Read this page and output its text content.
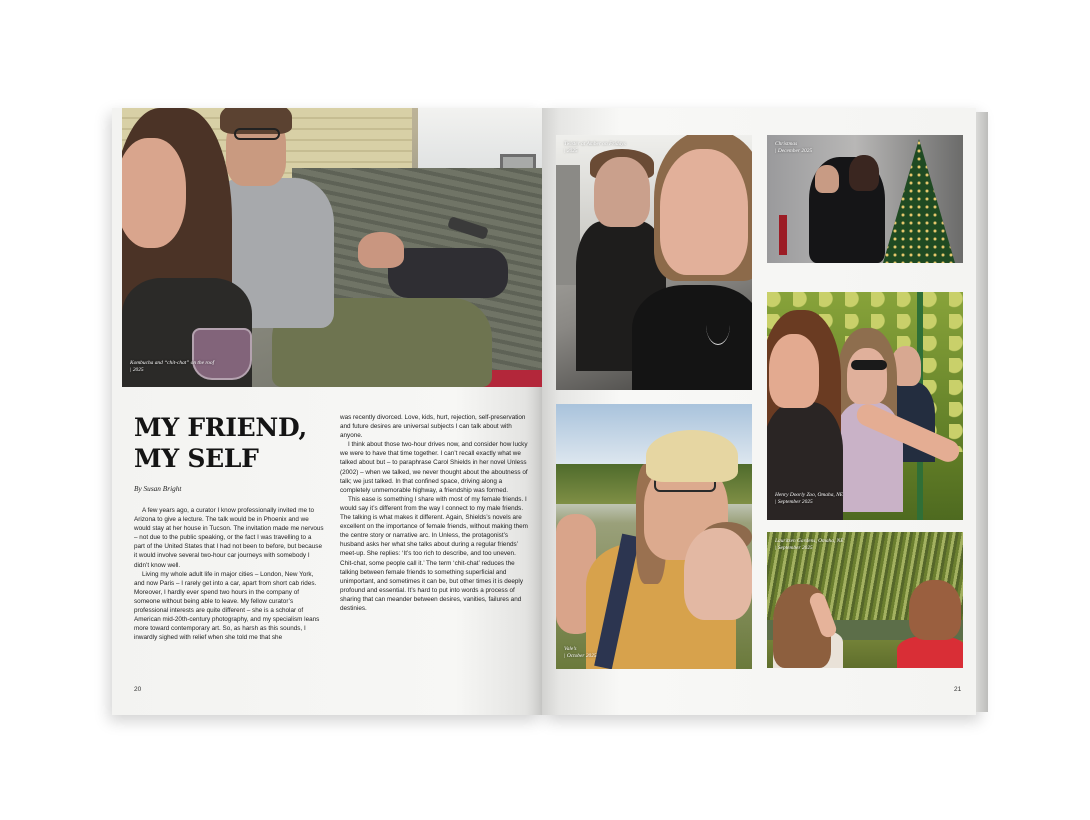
Kombucha and “chit-chat” on the roof
| 2025
MY FRIEND, MY SELF
By Susan Bright

A few years ago, a curator I know professionally invited me to Arizona to give a lecture. The talk would be in Phoenix and we would stay at her house in Tucson. The invitation made me nervous – not due to the public speaking, or the fact I was travelling to a part of the United States that I had not been to before, but because it would involve several two-hour car journeys with somebody I didn’t know well.

Living my whole adult life in major cities – London, New York, and now Paris – I rarely get into a car, apart from short cab rides. Moreover, I hardly ever spend two hours in the company of someone without being able to leave. My fellow curator’s professional interests are quite different – she is a scholar of American mid-20th-century photography, and my specialism leans more toward contemporary art. So, as harsh as this sounds, I inwardly sighed with relief when she told me that she

was recently divorced. Love, kids, hurt, rejection, self-preservation and future desires are universal subjects I can talk about with anyone.

I think about those two-hour drives now, and consider how lucky we were to have that time together. I can’t recall exactly what we talked about but – to paraphrase Carol Shields in her novel Unless (2002) – when we talked, we never thought about the aboutness of talk; we just talked. In that confined space, driving along a completely unmemorable highway, a friendship was formed.

This ease is something I share with most of my female friends. I would say it’s different from the way I connect to my male friends. The talking is what makes it different. Again, Shields’s novels are excellent on the importance of female friends, without making them the centre story or narrative arc. In Unless, the protagonist’s husband asks her what she talks about during a regular friends’ meet-up. She replies: ‘It’s too rich to describe, and too uneven. Chit-chat, some people call it.’ The term ‘chit-chat’ reduces the talking between female friends to something superficial and unimportant, and sometimes it can be, but other times it is deeply profound and essential. It’s hard to put into words a process of sharing that can meander between desires, vanities, failures and destinies.

20
Twister at Amber on Fridays
| 2025
Christmas
| December 2025
Henry Doorly Zoo, Omaha, NE
| September 2025
Vale’s
| October 2025
Lauritzen Gardens, Omaha, NE
| September 2025
21
